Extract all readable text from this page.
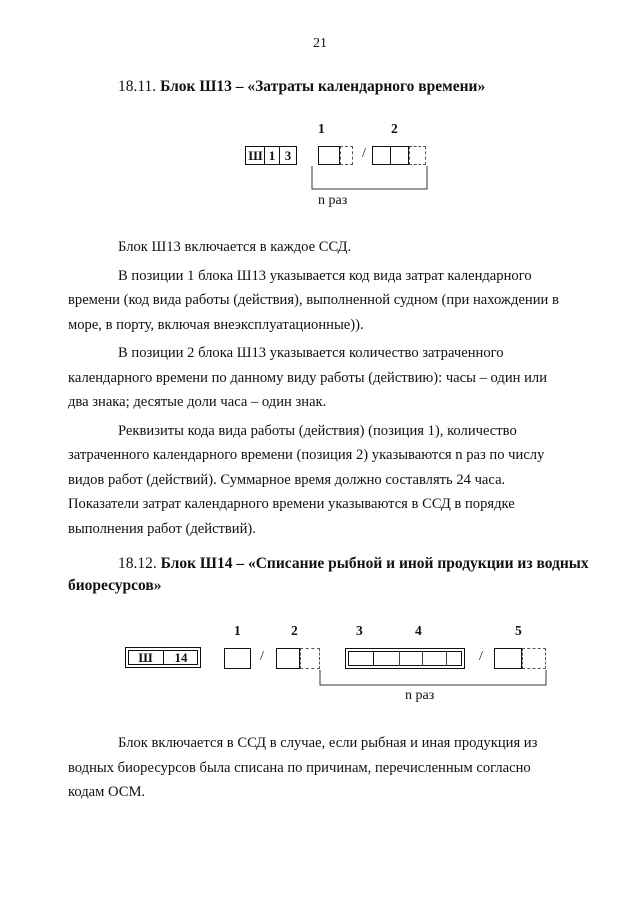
21
18.11. Блок Ш13 – «Затраты календарного времени»
1	2
Ш 1 3	/
n раз

Блок Ш13 включается в каждое ССД.

В позиции 1 блока Ш13 указывается код вида затрат календарного

времени (код вида работы (действия), выполненной судном (при нахождении в
море, в порту, включая внеэксплуатационные)).

В позиции 2 блока Ш13 указывается количество затраченного

календарного времени по данному виду работы (действию): часы – один или
два знака; десятые доли часа – один знак.

Реквизиты кода вида работы (действия) (позиция 1), количество

затраченного календарного времени (позиция 2) указываются n раз по числу
видов работ (действий). Суммарное время должно составлять 24 часа.
Показатели затрат календарного времени указываются в ССД в порядке
выполнения работ (действий).
18.12. Блок Ш14 – «Списание рыбной и иной продукции из водных
биоресурсов»
1	2	3	4	5
Ш	14	/	/
n раз

Блок включается в ССД в случае, если рыбная и иная продукция из

водных биоресурсов была списана по причинам, перечисленным согласно
кодам ОСМ.
